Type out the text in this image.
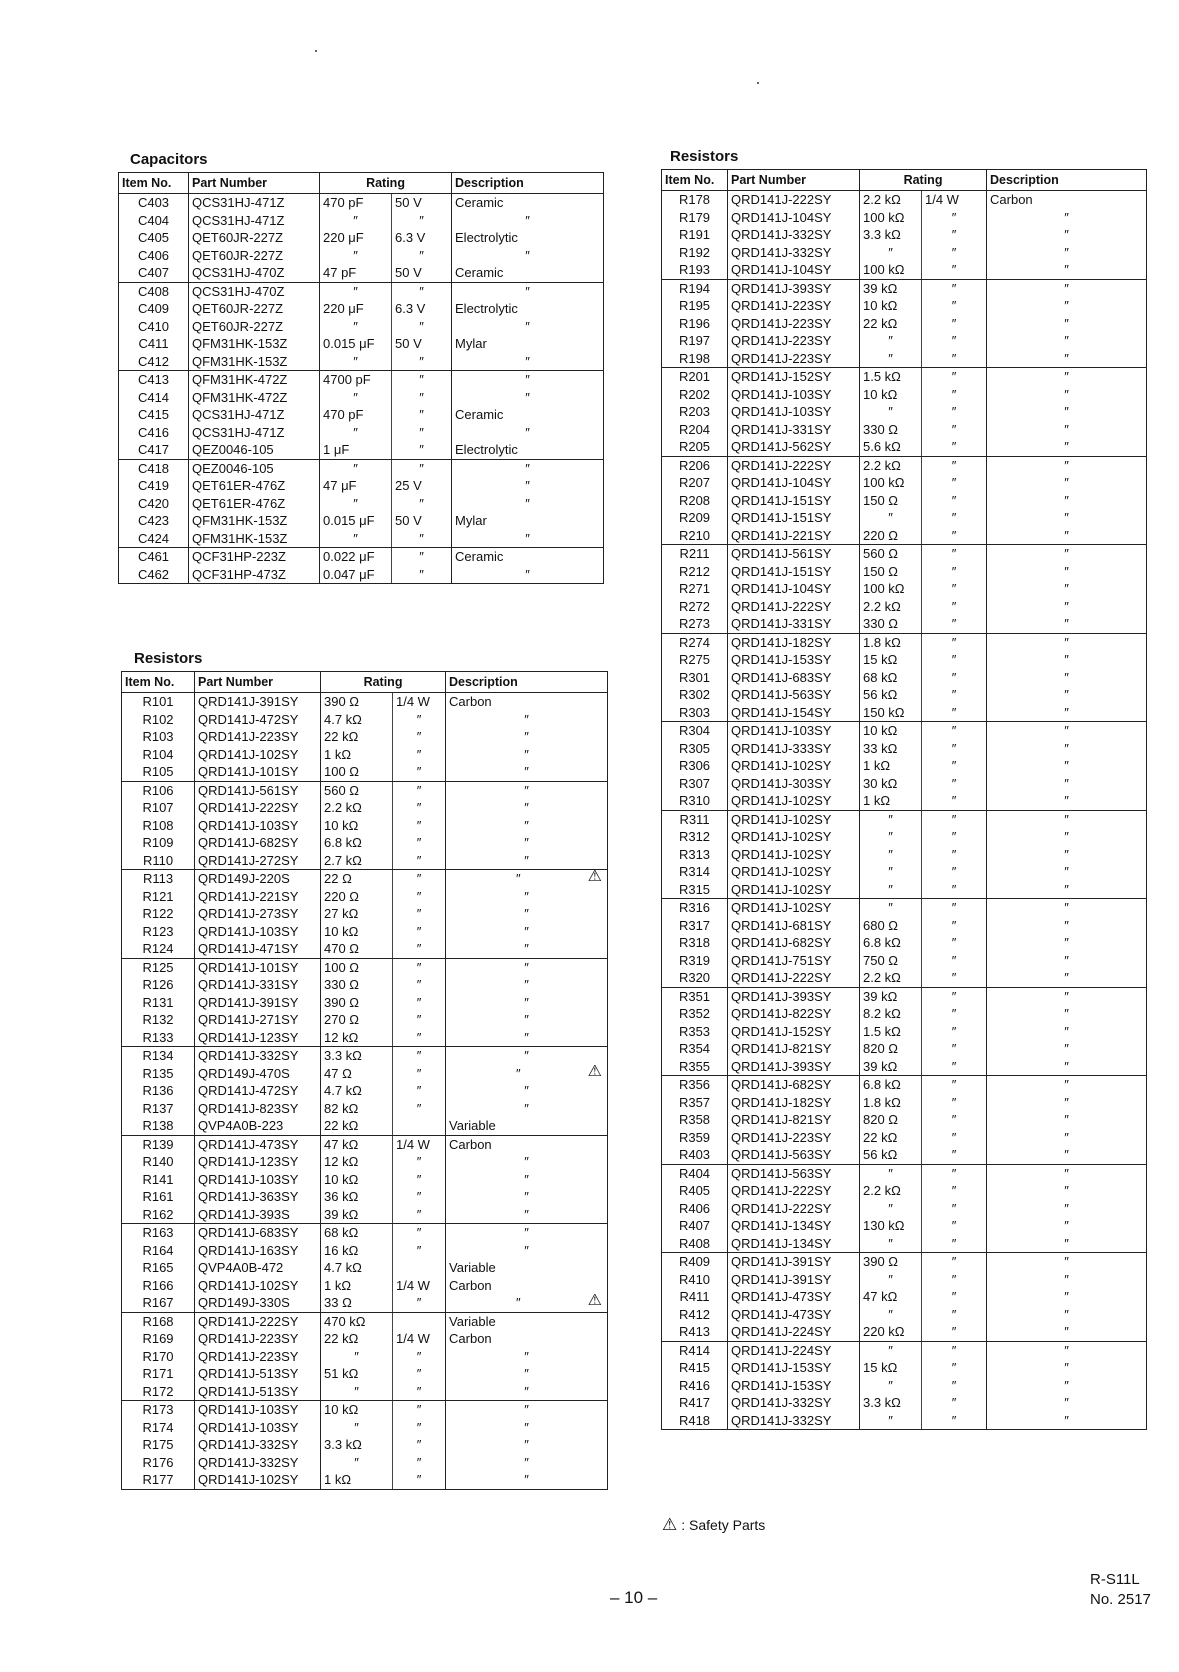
Capacitors
Item No.	Part Number	Rating		Description
C403	QCS31HJ-471Z	470 pF	50 V	Ceramic
C404	QCS31HJ-471Z	″	″	″
C405	QET60JR-227Z	220 μF	6.3 V	Electrolytic
C406	QET60JR-227Z	″	″	″
C407	QCS31HJ-470Z	47 pF	50 V	Ceramic
C408	QCS31HJ-470Z	″	″	″
C409	QET60JR-227Z	220 μF	6.3 V	Electrolytic
C410	QET60JR-227Z	″	″	″
C411	QFM31HK-153Z	0.015 μF	50 V	Mylar
C412	QFM31HK-153Z	″	″	″
C413	QFM31HK-472Z	4700 pF	″	″
C414	QFM31HK-472Z	″	″	″
C415	QCS31HJ-471Z	470 pF	″	Ceramic
C416	QCS31HJ-471Z	″	″	″
C417	QEZ0046-105	1 μF	″	Electrolytic
C418	QEZ0046-105	″	″	″
C419	QET61ER-476Z	47 μF	25 V	″
C420	QET61ER-476Z	″	″	″
C423	QFM31HK-153Z	0.015 μF	50 V	Mylar
C424	QFM31HK-153Z	″	″	″
C461	QCF31HP-223Z	0.022 μF	″	Ceramic
C462	QCF31HP-473Z	0.047 μF	″	″
Resistors
Item No.	Part Number	Rating		Description
R101	QRD141J-391SY	390 Ω	1/4 W	Carbon
R102	QRD141J-472SY	4.7 kΩ	″	″
R103	QRD141J-223SY	22 kΩ	″	″
R104	QRD141J-102SY	1 kΩ	″	″
R105	QRD141J-101SY	100 Ω	″	″
R106	QRD141J-561SY	560 Ω	″	″
R107	QRD141J-222SY	2.2 kΩ	″	″
R108	QRD141J-103SY	10 kΩ	″	″
R109	QRD141J-682SY	6.8 kΩ	″	″
R110	QRD141J-272SY	2.7 kΩ	″	″
R113	QRD149J-220S	22 Ω	″	″ ⚠

R121	QRD141J-221SY	220 Ω	″	″
R122	QRD141J-273SY	27 kΩ	″	″
R123	QRD141J-103SY	10 kΩ	″	″
R124	QRD141J-471SY	470 Ω	″	″
R125	QRD141J-101SY	100 Ω	″	″
R126	QRD141J-331SY	330 Ω	″	″
R131	QRD141J-391SY	390 Ω	″	″
R132	QRD141J-271SY	270 Ω	″	″
R133	QRD141J-123SY	12 kΩ	″	″
R134	QRD141J-332SY	3.3 kΩ	″	″
R135	QRD149J-470S	47 Ω	″	″ ⚠

R136	QRD141J-472SY	4.7 kΩ	″	″
R137	QRD141J-823SY	82 kΩ	″	″
R138	QVP4A0B-223	22 kΩ		Variable
R139	QRD141J-473SY	47 kΩ	1/4 W	Carbon
R140	QRD141J-123SY	12 kΩ	″	″
R141	QRD141J-103SY	10 kΩ	″	″
R161	QRD141J-363SY	36 kΩ	″	″
R162	QRD141J-393S	39 kΩ	″	″
R163	QRD141J-683SY	68 kΩ	″	″
R164	QRD141J-163SY	16 kΩ	″	″
R165	QVP4A0B-472	4.7 kΩ		Variable
R166	QRD141J-102SY	1 kΩ	1/4 W	Carbon
R167	QRD149J-330S	33 Ω	″	″ ⚠

R168	QRD141J-222SY	470 kΩ		Variable
R169	QRD141J-223SY	22 kΩ	1/4 W	Carbon
R170	QRD141J-223SY	″	″	″
R171	QRD141J-513SY	51 kΩ	″	″
R172	QRD141J-513SY	″	″	″
R173	QRD141J-103SY	10 kΩ	″	″
R174	QRD141J-103SY	″	″	″
R175	QRD141J-332SY	3.3 kΩ	″	″
R176	QRD141J-332SY	″	″	″
R177	QRD141J-102SY	1 kΩ	″	″
Resistors
Item No.	Part Number	Rating		Description
R178	QRD141J-222SY	2.2 kΩ	1/4 W	Carbon
R179	QRD141J-104SY	100 kΩ	″	″
R191	QRD141J-332SY	3.3 kΩ	″	″
R192	QRD141J-332SY	″	″	″
R193	QRD141J-104SY	100 kΩ	″	″
R194	QRD141J-393SY	39 kΩ	″	″
R195	QRD141J-223SY	10 kΩ	″	″
R196	QRD141J-223SY	22 kΩ	″	″
R197	QRD141J-223SY	″	″	″
R198	QRD141J-223SY	″	″	″
R201	QRD141J-152SY	1.5 kΩ	″	″
R202	QRD141J-103SY	10 kΩ	″	″
R203	QRD141J-103SY	″	″	″
R204	QRD141J-331SY	330 Ω	″	″
R205	QRD141J-562SY	5.6 kΩ	″	″
R206	QRD141J-222SY	2.2 kΩ	″	″
R207	QRD141J-104SY	100 kΩ	″	″
R208	QRD141J-151SY	150 Ω	″	″
R209	QRD141J-151SY	″	″	″
R210	QRD141J-221SY	220 Ω	″	″
R211	QRD141J-561SY	560 Ω	″	″
R212	QRD141J-151SY	150 Ω	″	″
R271	QRD141J-104SY	100 kΩ	″	″
R272	QRD141J-222SY	2.2 kΩ	″	″
R273	QRD141J-331SY	330 Ω	″	″
R274	QRD141J-182SY	1.8 kΩ	″	″
R275	QRD141J-153SY	15 kΩ	″	″
R301	QRD141J-683SY	68 kΩ	″	″
R302	QRD141J-563SY	56 kΩ	″	″
R303	QRD141J-154SY	150 kΩ	″	″
R304	QRD141J-103SY	10 kΩ	″	″
R305	QRD141J-333SY	33 kΩ	″	″
R306	QRD141J-102SY	1 kΩ	″	″
R307	QRD141J-303SY	30 kΩ	″	″
R310	QRD141J-102SY	1 kΩ	″	″
R311	QRD141J-102SY	″	″	″
R312	QRD141J-102SY	″	″	″
R313	QRD141J-102SY	″	″	″
R314	QRD141J-102SY	″	″	″
R315	QRD141J-102SY	″	″	″
R316	QRD141J-102SY	″	″	″
R317	QRD141J-681SY	680 Ω	″	″
R318	QRD141J-682SY	6.8 kΩ	″	″
R319	QRD141J-751SY	750 Ω	″	″
R320	QRD141J-222SY	2.2 kΩ	″	″
R351	QRD141J-393SY	39 kΩ	″	″
R352	QRD141J-822SY	8.2 kΩ	″	″
R353	QRD141J-152SY	1.5 kΩ	″	″
R354	QRD141J-821SY	820 Ω	″	″
R355	QRD141J-393SY	39 kΩ	″	″
R356	QRD141J-682SY	6.8 kΩ	″	″
R357	QRD141J-182SY	1.8 kΩ	″	″
R358	QRD141J-821SY	820 Ω	″	″
R359	QRD141J-223SY	22 kΩ	″	″
R403	QRD141J-563SY	56 kΩ	″	″
R404	QRD141J-563SY	″	″	″
R405	QRD141J-222SY	2.2 kΩ	″	″
R406	QRD141J-222SY	″	″	″
R407	QRD141J-134SY	130 kΩ	″	″
R408	QRD141J-134SY	″	″	″
R409	QRD141J-391SY	390 Ω	″	″
R410	QRD141J-391SY	″	″	″
R411	QRD141J-473SY	47 kΩ	″	″
R412	QRD141J-473SY	″	″	″
R413	QRD141J-224SY	220 kΩ	″	″
R414	QRD141J-224SY	″	″	″
R415	QRD141J-153SY	15 kΩ	″	″
R416	QRD141J-153SY	″	″	″
R417	QRD141J-332SY	3.3 kΩ	″	″
R418	QRD141J-332SY	″	″	″
⚠ : Safety Parts
– 10 –
R-S11L
No. 2517
